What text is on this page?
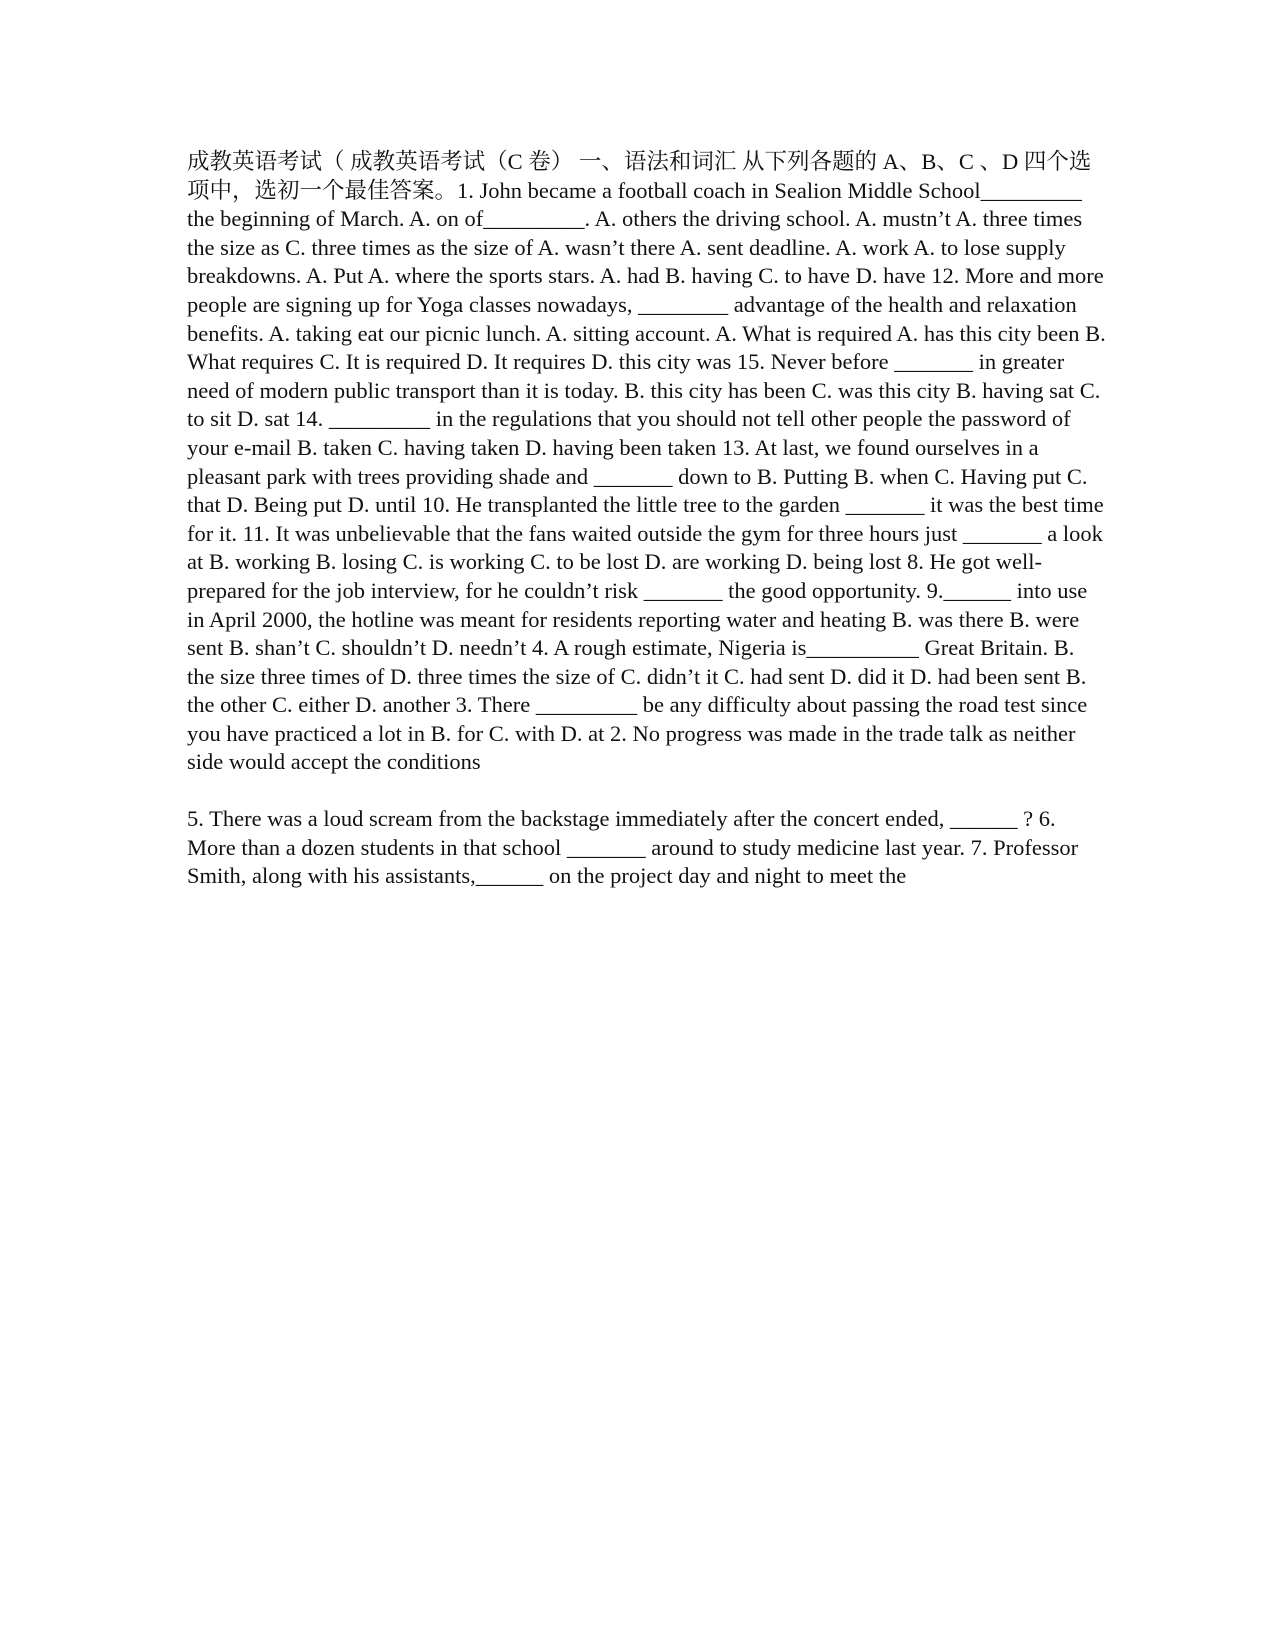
成教英语考试（ 成教英语考试（C 卷） 一、语法和词汇 从下列各题的 A、B、C 、D 四个选项中，选初一个最佳答案。1. John became a football coach in Sealion Middle School_________ the beginning of March. A. on of_________. A. others the driving school. A. mustn’t A. three times the size as C. three times as the size of A. wasn’t there A. sent deadline. A. work A. to lose supply breakdowns. A. Put A. where the sports stars. A. had B. having C. to have D. have 12. More and more people are signing up for Yoga classes nowadays, ________ advantage of the health and relaxation benefits. A. taking eat our picnic lunch. A. sitting account. A. What is required A. has this city been B. What requires C. It is required D. It requires D. this city was 15. Never before _______ in greater need of modern public transport than it is today. B. this city has been C. was this city B. having sat C. to sit D. sat 14. _________ in the regulations that you should not tell other people the password of your e-mail B. taken C. having taken D. having been taken 13. At last, we found ourselves in a pleasant park with trees providing shade and _______ down to B. Putting B. when C. Having put C. that D. Being put D. until 10. He transplanted the little tree to the garden _______ it was the best time for it. 11. It was unbelievable that the fans waited outside the gym for three hours just _______ a look at B. working B. losing C. is working C. to be lost D. are working D. being lost 8. He got well-prepared for the job interview, for he couldn’t risk _______ the good opportunity. 9.______ into use in April 2000, the hotline was meant for residents reporting water and heating B. was there B. were sent B. shan’t C. shouldn’t D. needn’t 4. A rough estimate, Nigeria is__________ Great Britain. B. the size three times of D. three times the size of C. didn’t it C. had sent D. did it D. had been sent B. the other C. either D. another 3. There _________ be any difficulty about passing the road test since you have practiced a lot in B. for C. with D. at 2. No progress was made in the trade talk as neither side would accept the conditions

5. There was a loud scream from the backstage immediately after the concert ended, ______ ? 6. More than a dozen students in that school _______ around to study medicine last year. 7. Professor Smith, along with his assistants,______ on the project day and night to meet the
